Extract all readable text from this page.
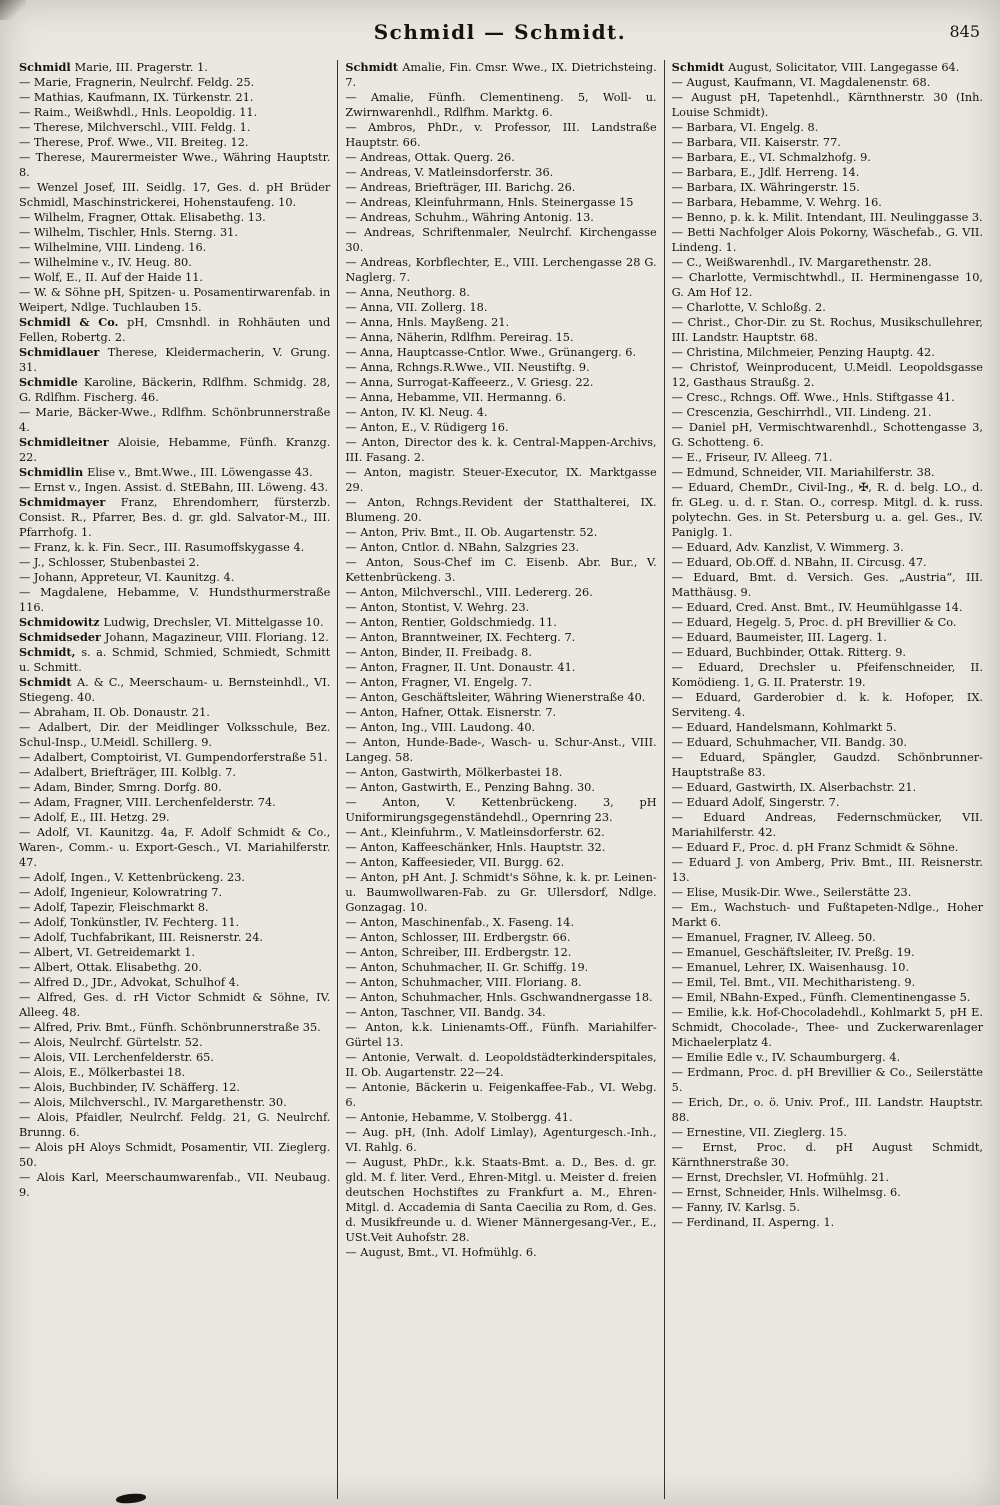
Schmidl — Schmidt.	845
Schmidl Marie, III. Pragerstr. 1.
— Marie, Fragnerin, Neulrchf. Feldg. 25.
— Mathias, Kaufmann, IX. Türkenstr. 21.
— Raim., Weißwhdl., Hnls. Leopoldig. 11.
— Therese, Milchverschl., VIII. Feldg. 1.
— Therese, Prof. Wwe., VII. Breiteg. 12.
— Therese, Maurermeister Wwe., Währing Hauptstr. 8.
— Wenzel Josef, III. Seidlg. 17, Ges. d. pH Brüder Schmidl, Maschinstrickerei, Hohenstaufeng. 10.
— Wilhelm, Fragner, Ottak. Elisabethg. 13.
— Wilhelm, Tischler, Hnls. Sterng. 31.
— Wilhelmine, VIII. Lindeng. 16.
— Wilhelmine v., IV. Heug. 80.
— Wolf, E., II. Auf der Haide 11.
— W. & Söhne pH, Spitzen- u. Posamentirwarenfab. in Weipert, Ndlge. Tuchlauben 15.
Schmidl & Co. pH, Cmsnhdl. in Rohhäuten und Fellen, Robertg. 2.
Schmidlauer Therese, Kleidermacherin, V. Grung. 31.
Schmidle Karoline, Bäckerin, Rdlfhm. Schmidg. 28, G. Rdlfhm. Fischerg. 46.
— Marie, Bäcker-Wwe., Rdlfhm. Schönbrunnerstraße 4.
Schmidleitner Aloisie, Hebamme, Fünfh. Kranzg. 22.
Schmidlin Elise v., Bmt.Wwe., III. Löwengasse 43.
— Ernst v., Ingen. Assist. d. StEBahn, III. Löweng. 43.
Schmidmayer Franz, Ehrendomherr, fürsterzb. Consist. R., Pfarrer, Bes. d. gr. gld. Salvator-M., III. Pfarrhofg. 1.
— Franz, k. k. Fin. Secr., III. Rasumoffskygasse 4.
— J., Schlosser, Stubenbastei 2.
— Johann, Appreteur, VI. Kaunitzg. 4.
— Magdalene, Hebamme, V. Hundsthurmerstraße 116.
Schmidowitz Ludwig, Drechsler, VI. Mittelgasse 10.
Schmidseder Johann, Magazineur, VIII. Floriang. 12.
Schmidt, s. a. Schmid, Schmied, Schmiedt, Schmitt u. Schmitt.
Schmidt A. & C., Meerschaum- u. Bernsteinhdl., VI. Stiegeng. 40.
— Abraham, II. Ob. Donaustr. 21.
— Adalbert, Dir. der Meidlinger Volksschule, Bez. Schul-Insp., U.Meidl. Schillerg. 9.
— Adalbert, Comptoirist, VI. Gumpendorferstraße 51.
— Adalbert, Briefträger, III. Kolblg. 7.
— Adam, Binder, Smrng. Dorfg. 80.
— Adam, Fragner, VIII. Lerchenfelderstr. 74.
— Adolf, E., III. Hetzg. 29.
— Adolf, VI. Kaunitzg. 4a, F. Adolf Schmidt & Co., Waren-, Comm.- u. Export-Gesch., VI. Mariahilferstr. 47.
— Adolf, Ingen., V. Kettenbrückeng. 23.
— Adolf, Ingenieur, Kolowratring 7.
— Adolf, Tapezir, Fleischmarkt 8.
— Adolf, Tonkünstler, IV. Fechterg. 11.
— Adolf, Tuchfabrikant, III. Reisnerstr. 24.
— Albert, VI. Getreidemarkt 1.
— Albert, Ottak. Elisabethg. 20.
— Alfred D., JDr., Advokat, Schulhof 4.
— Alfred, Ges. d. rH Victor Schmidt & Söhne, IV. Alleeg. 48.
— Alfred, Priv. Bmt., Fünfh. Schönbrunnerstraße 35.
— Alois, Neulrchf. Gürtelstr. 52.
— Alois, VII. Lerchenfelderstr. 65.
— Alois, E., Mölkerbastei 18.
— Alois, Buchbinder, IV. Schäfferg. 12.
— Alois, Milchverschl., IV. Margarethenstr. 30.
— Alois, Pfaidler, Neulrchf. Feldg. 21, G. Neulrchf. Brunng. 6.
— Alois pH Aloys Schmidt, Posamentir, VII. Zieglerg. 50.
— Alois Karl, Meerschaumwarenfab., VII. Neubaug. 9.
Schmidt Amalie, Fin. Cmsr. Wwe., IX. Dietrichsteing. 7.
— Amalie, Fünfh. Clementineng. 5, Woll- u. Zwirnwarenhdl., Rdlfhm. Marktg. 6.
— Ambros, PhDr., v. Professor, III. Landstraße Hauptstr. 66.
— Andreas, Ottak. Querg. 26.
— Andreas, V. Matleinsdorferstr. 36.
— Andreas, Briefträger, III. Barichg. 26.
— Andreas, Kleinfuhrmann, Hnls. Steinergasse 15
— Andreas, Schuhm., Währing Antonig. 13.
— Andreas, Schriftenmaler, Neulrchf. Kirchengasse 30.
— Andreas, Korbflechter, E., VIII. Lerchengasse 28 G. Naglerg. 7.
— Anna, Neuthorg. 8.
— Anna, VII. Zollerg. 18.
— Anna, Hnls. Mayßeng. 21.
— Anna, Näherin, Rdlfhm. Pereirag. 15.
— Anna, Hauptcasse-Cntlor. Wwe., Grünangerg. 6.
— Anna, Rchngs.R.Wwe., VII. Neustiftg. 9.
— Anna, Surrogat-Kaffeeerz., V. Griesg. 22.
— Anna, Hebamme, VII. Hermanng. 6.
— Anton, IV. Kl. Neug. 4.
— Anton, E., V. Rüdigerg 16.
— Anton, Director des k. k. Central-Mappen-Archivs, III. Fasang. 2.
— Anton, magistr. Steuer-Executor, IX. Marktgasse 29.
— Anton, Rchngs.Revident der Statthalterei, IX. Blumeng. 20.
— Anton, Priv. Bmt., II. Ob. Augartenstr. 52.
— Anton, Cntlor. d. NBahn, Salzgries 23.
— Anton, Sous-Chef im C. Eisenb. Abr. Bur., V. Kettenbrückeng. 3.
— Anton, Milchverschl., VIII. Ledererg. 26.
— Anton, Stontist, V. Wehrg. 23.
— Anton, Rentier, Goldschmiedg. 11.
— Anton, Branntweiner, IX. Fechterg. 7.
— Anton, Binder, II. Freibadg. 8.
— Anton, Fragner, II. Unt. Donaustr. 41.
— Anton, Fragner, VI. Engelg. 7.
— Anton, Geschäftsleiter, Währing Wienerstraße 40.
— Anton, Hafner, Ottak. Eisnerstr. 7.
— Anton, Ing., VIII. Laudong. 40.
— Anton, Hunde-Bade-, Wasch- u. Schur-Anst., VIII. Langeg. 58.
— Anton, Gastwirth, Mölkerbastei 18.
— Anton, Gastwirth, E., Penzing Bahng. 30.
— Anton, V. Kettenbrückeng. 3, pH Uniformirungsgegenständehdl., Opernring 23.
— Ant., Kleinfuhrm., V. Matleinsdorferstr. 62.
— Anton, Kaffeeschänker, Hnls. Hauptstr. 32.
— Anton, Kaffeesieder, VII. Burgg. 62.
— Anton, pH Ant. J. Schmidt's Söhne, k. k. pr. Leinen- u. Baumwollwaren-Fab. zu Gr. Ullersdorf, Ndlge. Gonzagag. 10.
— Anton, Maschinenfab., X. Faseng. 14.
— Anton, Schlosser, III. Erdbergstr. 66.
— Anton, Schreiber, III. Erdbergstr. 12.
— Anton, Schuhmacher, II. Gr. Schiffg. 19.
— Anton, Schuhmacher, VIII. Floriang. 8.
— Anton, Schuhmacher, Hnls. Gschwandnergasse 18.
— Anton, Taschner, VII. Bandg. 34.
— Anton, k.k. Linienamts-Off., Fünfh. Mariahilfer-Gürtel 13.
— Antonie, Verwalt. d. Leopoldstädterkinderspitales, II. Ob. Augartenstr. 22—24.
— Antonie, Bäckerin u. Feigenkaffee-Fab., VI. Webg. 6.
— Antonie, Hebamme, V. Stolbergg. 41.
— Aug. pH, (Inh. Adolf Limlay), Agenturgesch.-Inh., VI. Rahlg. 6.
— August, PhDr., k.k. Staats-Bmt. a. D., Bes. d. gr. gld. M. f. liter. Verd., Ehren-Mitgl. u. Meister d. freien deutschen Hochstiftes zu Frankfurt a. M., Ehren-Mitgl. d. Accademia di Santa Caecilia zu Rom, d. Ges. d. Musikfreunde u. d. Wiener Männergesang-Ver., E., USt.Veit Auhofstr. 28.
— August, Bmt., VI. Hofmühlg. 6.
Schmidt August, Solicitator, VIII. Langegasse 64.
— August, Kaufmann, VI. Magdalenenstr. 68.
— August pH, Tapetenhdl., Kärnthnerstr. 30 (Inh. Louise Schmidt).
— Barbara, VI. Engelg. 8.
— Barbara, VII. Kaiserstr. 77.
— Barbara, E., VI. Schmalzhofg. 9.
— Barbara, E., Jdlf. Herreng. 14.
— Barbara, IX. Währingerstr. 15.
— Barbara, Hebamme, V. Wehrg. 16.
— Benno, p. k. k. Milit. Intendant, III. Neulinggasse 3.
— Betti Nachfolger Alois Pokorny, Wäschefab., G. VII. Lindeng. 1.
— C., Weißwarenhdl., IV. Margarethenstr. 28.
— Charlotte, Vermischtwhdl., II. Herminengasse 10, G. Am Hof 12.
— Charlotte, V. Schloßg. 2.
— Christ., Chor-Dir. zu St. Rochus, Musikschullehrer, III. Landstr. Hauptstr. 68.
— Christina, Milchmeier, Penzing Hauptg. 42.
— Christof, Weinproducent, U.Meidl. Leopoldsgasse 12, Gasthaus Straußg. 2.
— Cresc., Rchngs. Off. Wwe., Hnls. Stiftgasse 41.
— Crescenzia, Geschirrhdl., VII. Lindeng. 21.
— Daniel pH, Vermischtwarenhdl., Schottengasse 3, G. Schotteng. 6.
— E., Friseur, IV. Alleeg. 71.
— Edmund, Schneider, VII. Mariahilferstr. 38.
— Eduard, ChemDr., Civil-Ing., ✠, R. d. belg. LO., d. fr. GLeg. u. d. r. Stan. O., corresp. Mitgl. d. k. russ. polytechn. Ges. in St. Petersburg u. a. gel. Ges., IV. Paniglg. 1.
— Eduard, Adv. Kanzlist, V. Wimmerg. 3.
— Eduard, Ob.Off. d. NBahn, II. Circusg. 47.
— Eduard, Bmt. d. Versich. Ges. „Austria“, III. Matthäusg. 9.
— Eduard, Cred. Anst. Bmt., IV. Heumühlgasse 14.
— Eduard, Hegelg. 5, Proc. d. pH Brevillier & Co.
— Eduard, Baumeister, III. Lagerg. 1.
— Eduard, Buchbinder, Ottak. Ritterg. 9.
— Eduard, Drechsler u. Pfeifenschneider, II. Komödieng. 1, G. II. Praterstr. 19.
— Eduard, Garderobier d. k. k. Hofoper, IX. Serviteng. 4.
— Eduard, Handelsmann, Kohlmarkt 5.
— Eduard, Schuhmacher, VII. Bandg. 30.
— Eduard, Spängler, Gaudzd. Schönbrunner-Hauptstraße 83.
— Eduard, Gastwirth, IX. Alserbachstr. 21.
— Eduard Adolf, Singerstr. 7.
— Eduard Andreas, Federnschmücker, VII. Mariahilferstr. 42.
— Eduard F., Proc. d. pH Franz Schmidt & Söhne.
— Eduard J. von Amberg, Priv. Bmt., III. Reisnerstr. 13.
— Elise, Musik-Dir. Wwe., Seilerstätte 23.
— Em., Wachstuch- und Fußtapeten-Ndlge., Hoher Markt 6.
— Emanuel, Fragner, IV. Alleeg. 50.
— Emanuel, Geschäftsleiter, IV. Preßg. 19.
— Emanuel, Lehrer, IX. Waisenhausg. 10.
— Emil, Tel. Bmt., VII. Mechitharisteng. 9.
— Emil, NBahn-Exped., Fünfh. Clementinengasse 5.
— Emilie, k.k. Hof-Chocoladehdl., Kohlmarkt 5, pH E. Schmidt, Chocolade-, Thee- und Zuckerwarenlager Michaelerplatz 4.
— Emilie Edle v., IV. Schaumburgerg. 4.
— Erdmann, Proc. d. pH Brevillier & Co., Seilerstätte 5.
— Erich, Dr., o. ö. Univ. Prof., III. Landstr. Hauptstr. 88.
— Ernestine, VII. Zieglerg. 15.
— Ernst, Proc. d. pH August Schmidt, Kärnthnerstraße 30.
— Ernst, Drechsler, VI. Hofmühlg. 21.
— Ernst, Schneider, Hnls. Wilhelmsg. 6.
— Fanny, IV. Karlsg. 5.
— Ferdinand, II. Asperng. 1.
